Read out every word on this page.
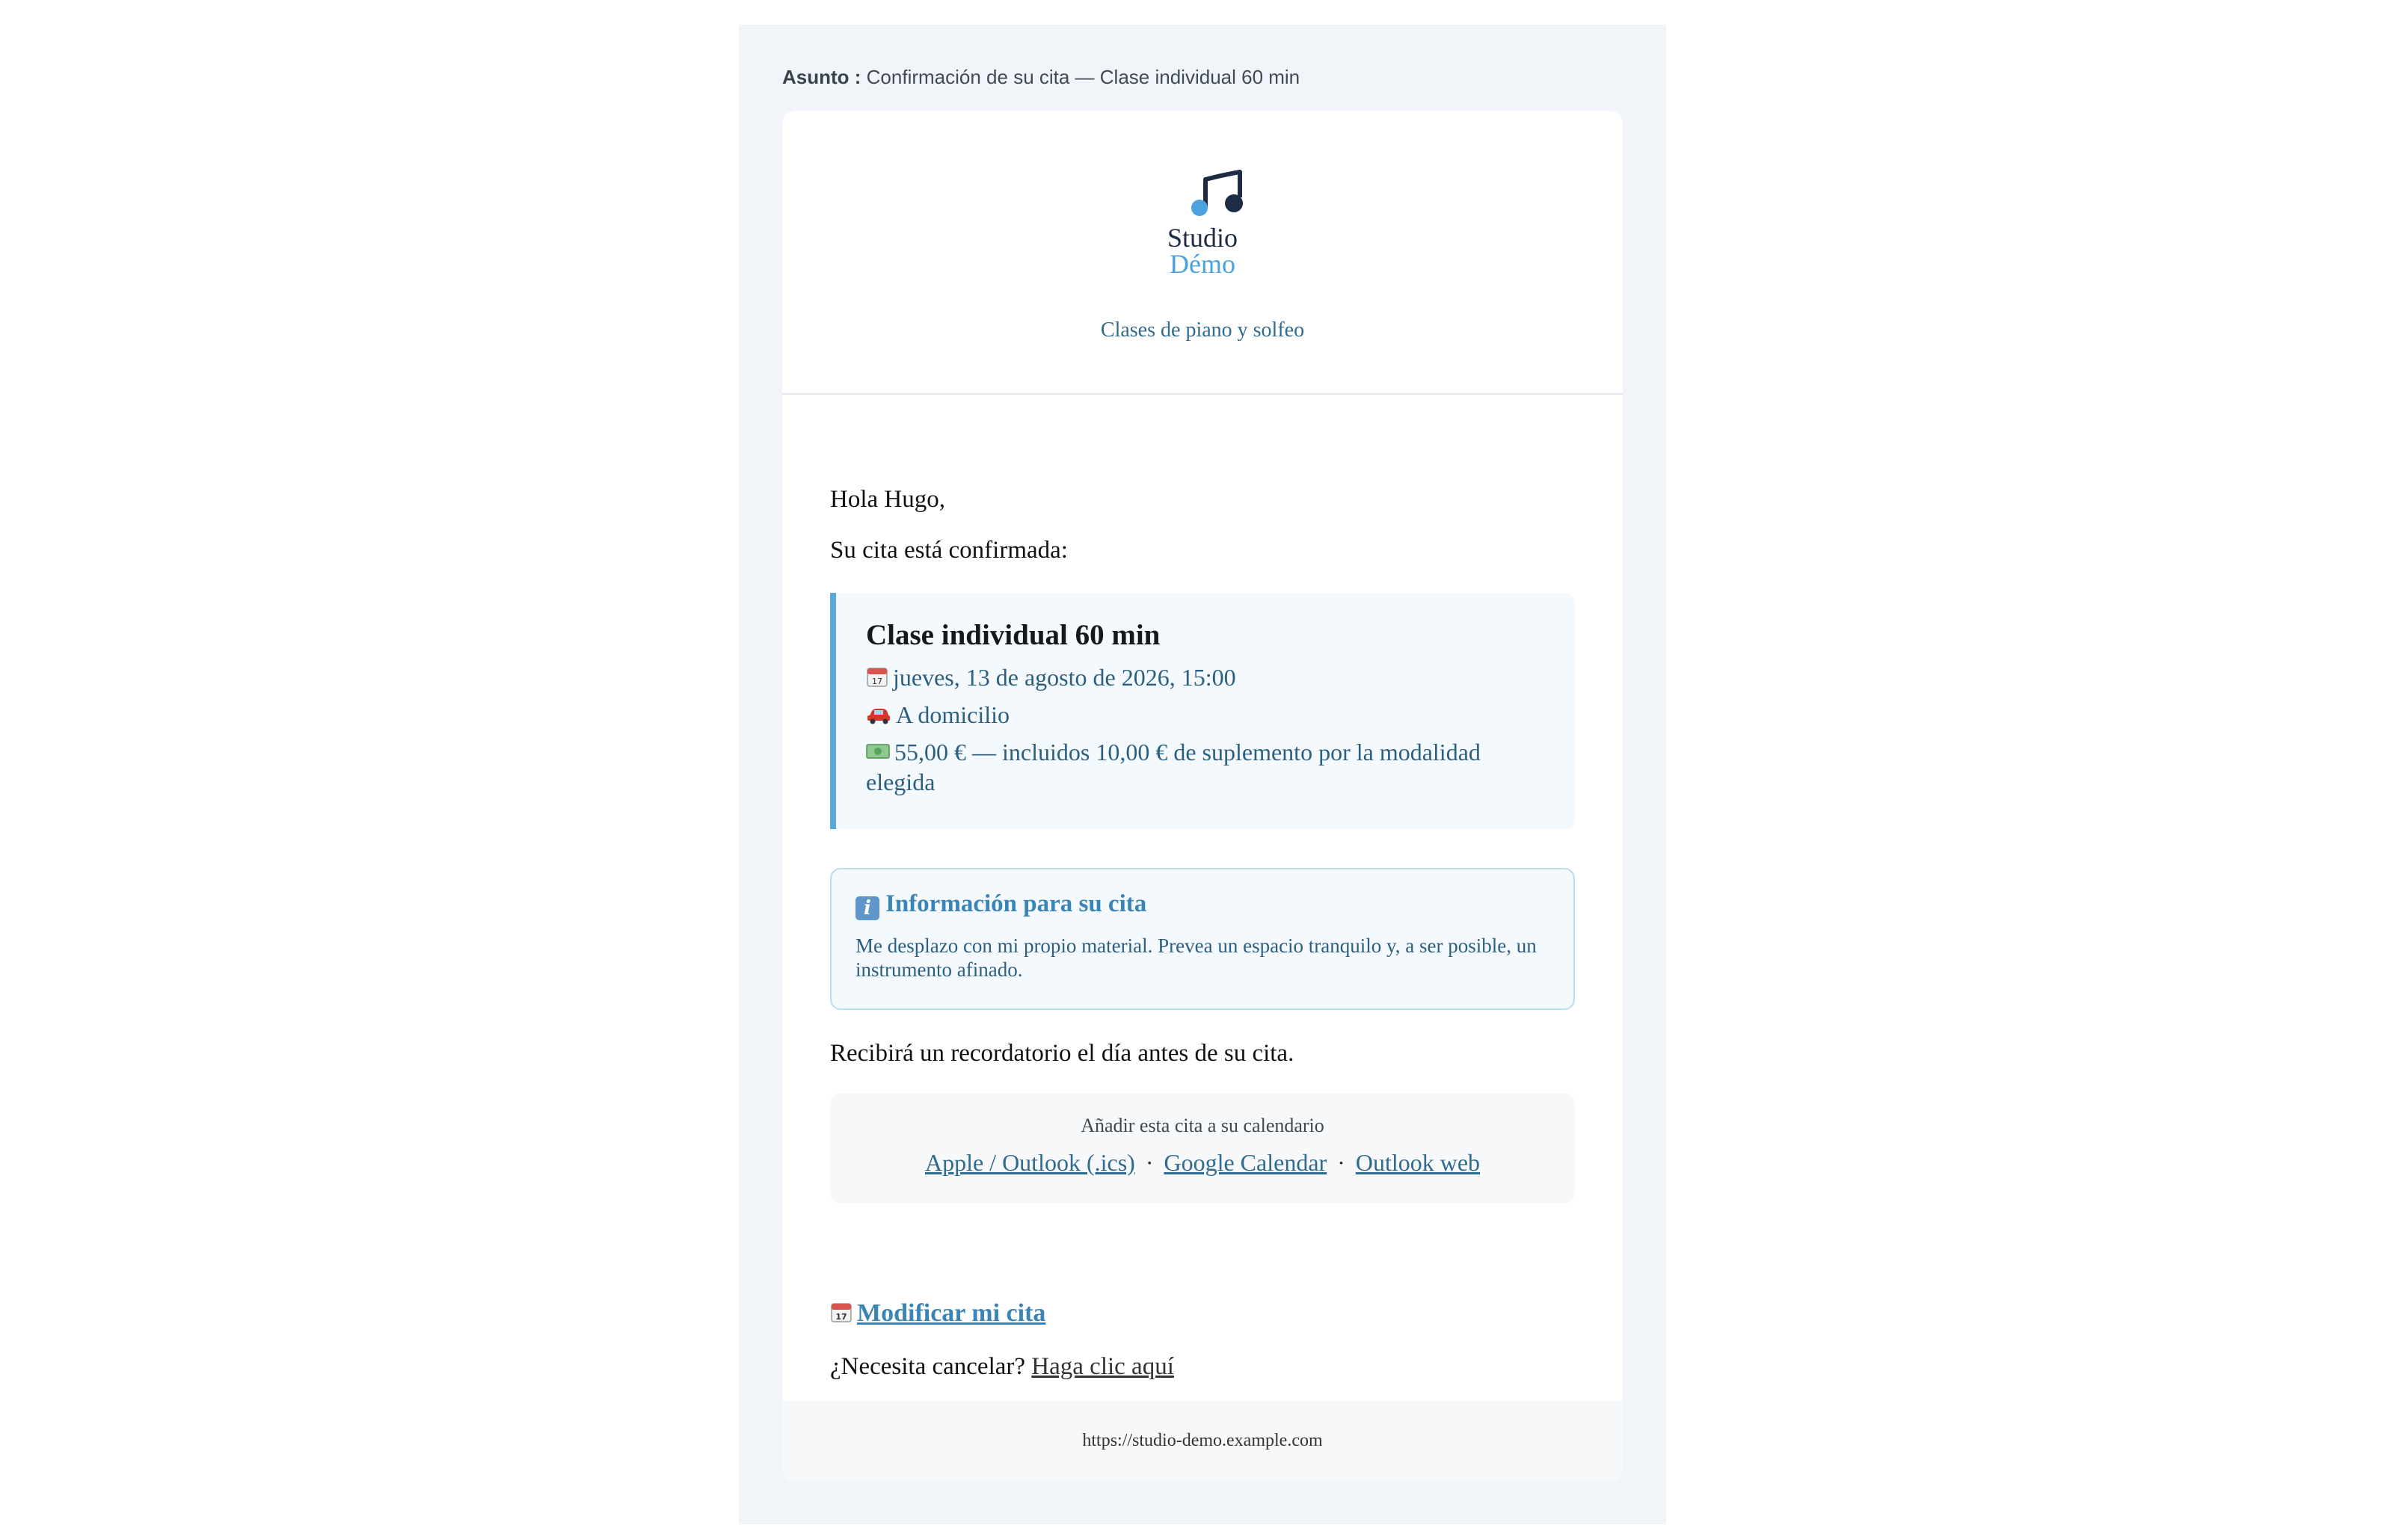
Asunto : Confirmación de su cita — Clase individual 60 min
Studio
Démo
Clases de piano y solfeo
Hola Hugo,
Su cita está confirmada:
Clase individual 60 min
17 jueves, 13 de agosto de 2026, 15:00
A domicilio
55,00 € — incluidos 10,00 € de suplemento por la modalidad elegida
i Información para su cita
Me desplazo con mi propio material. Prevea un espacio tranquilo y, a ser posible, un instrumento afinado.
Recibirá un recordatorio el día antes de su cita.
Añadir esta cita a su calendario
Apple / Outlook (.ics) · Google Calendar · Outlook web
17 Modificar mi cita
¿Necesita cancelar? Haga clic aquí
https://studio-demo.example.com
